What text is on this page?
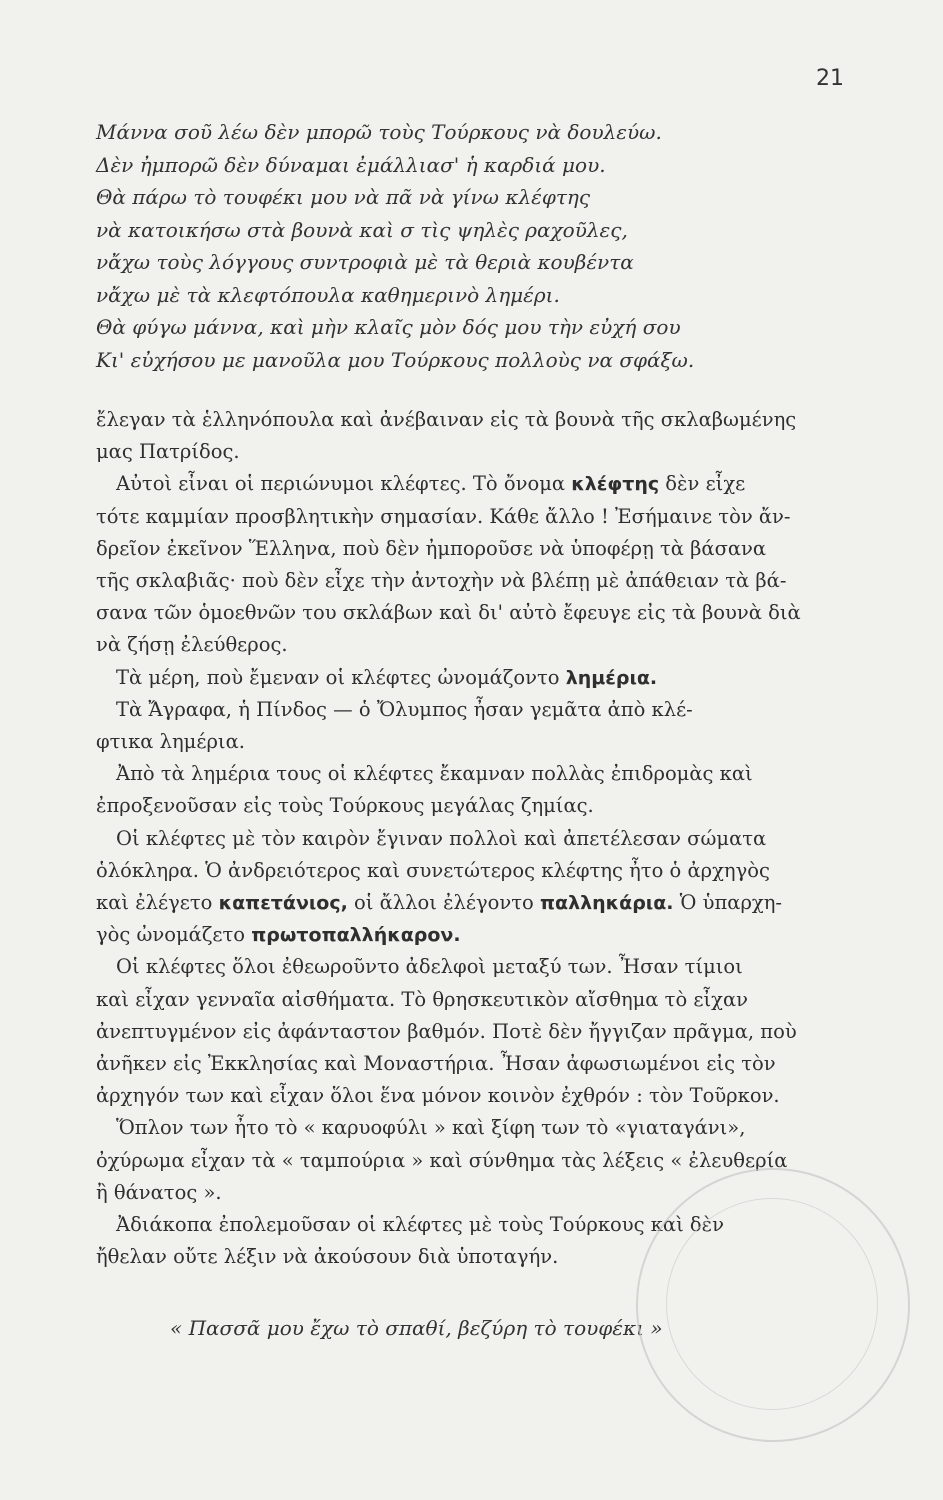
21
Μάννα σοῦ λέω δὲν μπορῶ τοὺς Τούρκους νὰ δουλεύω.
Δὲν ἠμπορῶ δὲν δύναμαι ἐμάλλιασ' ἡ καρδιά μου.
Θὰ πάρω τὸ τουφέκι μου νὰ πᾶ νὰ γίνω κλέφτης
νὰ κατοικήσω στὰ βουνὰ καὶ σ τὶς ψηλὲς ραχοῦλες,
νἄχω τοὺς λόγγους συντροφιὰ μὲ τὰ θεριὰ κουβέντα
νἄχω μὲ τὰ κλεφτόπουλα καθημερινὸ λημέρι.
Θὰ φύγω μάννα, καὶ μὴν κλαῖς μὸν δός μου τὴν εὐχή σου
Κι' εὐχήσου με μανοῦλα μου Τούρκους πολλοὺς να σφάξω.
ἔλεγαν τὰ ἑλληνόπουλα καὶ ἀνέβαιναν εἰς τὰ βουνὰ τῆς σκλαβωμένης
μας Πατρίδος.
Αὐτοὶ εἶναι οἱ περιώνυμοι κλέφτες. Τὸ ὄνομα κλέφτης δὲν εἶχε
τότε καμμίαν προσβλητικὴν σημασίαν. Κάθε ἄλλο ! Ἐσήμαινε τὸν ἄν-
δρεῖον ἐκεῖνον Ἕλληνα, ποὺ δὲν ἠμποροῦσε νὰ ὑποφέρῃ τὰ βάσανα
τῆς σκλαβιᾶς· ποὺ δὲν εἶχε τὴν ἀντοχὴν νὰ βλέπῃ μὲ ἀπάθειαν τὰ βά-
σανα τῶν ὁμοεθνῶν του σκλάβων καὶ δι' αὐτὸ ἔφευγε εἰς τὰ βουνὰ διὰ
νὰ ζήσῃ ἐλεύθερος.
Τὰ μέρη, ποὺ ἔμεναν οἱ κλέφτες ὠνομάζοντο λημέρια.
Τὰ Ἄγραφα, ἡ Πίνδος — ὁ Ὄλυμπος ἦσαν γεμᾶτα ἀπὸ κλέ-
φτικα λημέρια.
Ἀπὸ τὰ λημέρια τους οἱ κλέφτες ἔκαμναν πολλὰς ἐπιδρομὰς καὶ
ἐπροξενοῦσαν εἰς τοὺς Τούρκους μεγάλας ζημίας.
Οἱ κλέφτες μὲ τὸν καιρὸν ἔγιναν πολλοὶ καὶ ἀπετέλεσαν σώματα
ὁλόκληρα. Ὁ ἀνδρειότερος καὶ συνετώτερος κλέφτης ἦτο ὁ ἀρχηγὸς
καὶ ἐλέγετο καπετάνιος, οἱ ἄλλοι ἐλέγοντο παλληκάρια. Ὁ ὑπαρχη-
γὸς ὠνομάζετο πρωτοπαλλήκαρον.
Οἱ κλέφτες ὅλοι ἐθεωροῦντο ἀδελφοὶ μεταξύ των. Ἦσαν τίμιοι
καὶ εἶχαν γενναῖα αἰσθήματα. Τὸ θρησκευτικὸν αἴσθημα τὸ εἶχαν
ἀνεπτυγμένον εἰς ἀφάνταστον βαθμόν. Ποτὲ δὲν ἤγγιζαν πρᾶγμα, ποὺ
ἀνῆκεν εἰς Ἐκκλησίας καὶ Μοναστήρια. Ἦσαν ἀφωσιωμένοι εἰς τὸν
ἀρχηγόν των καὶ εἶχαν ὅλοι ἕνα μόνον κοινὸν ἐχθρόν : τὸν Τοῦρκον.
Ὅπλον των ἦτο τὸ « καρυοφύλι » καὶ ξίφη των τὸ «γιαταγάνι»,
ὀχύρωμα εἶχαν τὰ « ταμπούρια » καὶ σύνθημα τὰς λέξεις « ἐλευθερία
ἢ θάνατος ».
Ἀδιάκοπα ἐπολεμοῦσαν οἱ κλέφτες μὲ τοὺς Τούρκους καὶ δὲν
ἤθελαν οὔτε λέξιν νὰ ἀκούσουν διὰ ὑποταγήν.
« Πασσᾶ μου ἔχω τὸ σπαθί, βεζύρη τὸ τουφέκι »
